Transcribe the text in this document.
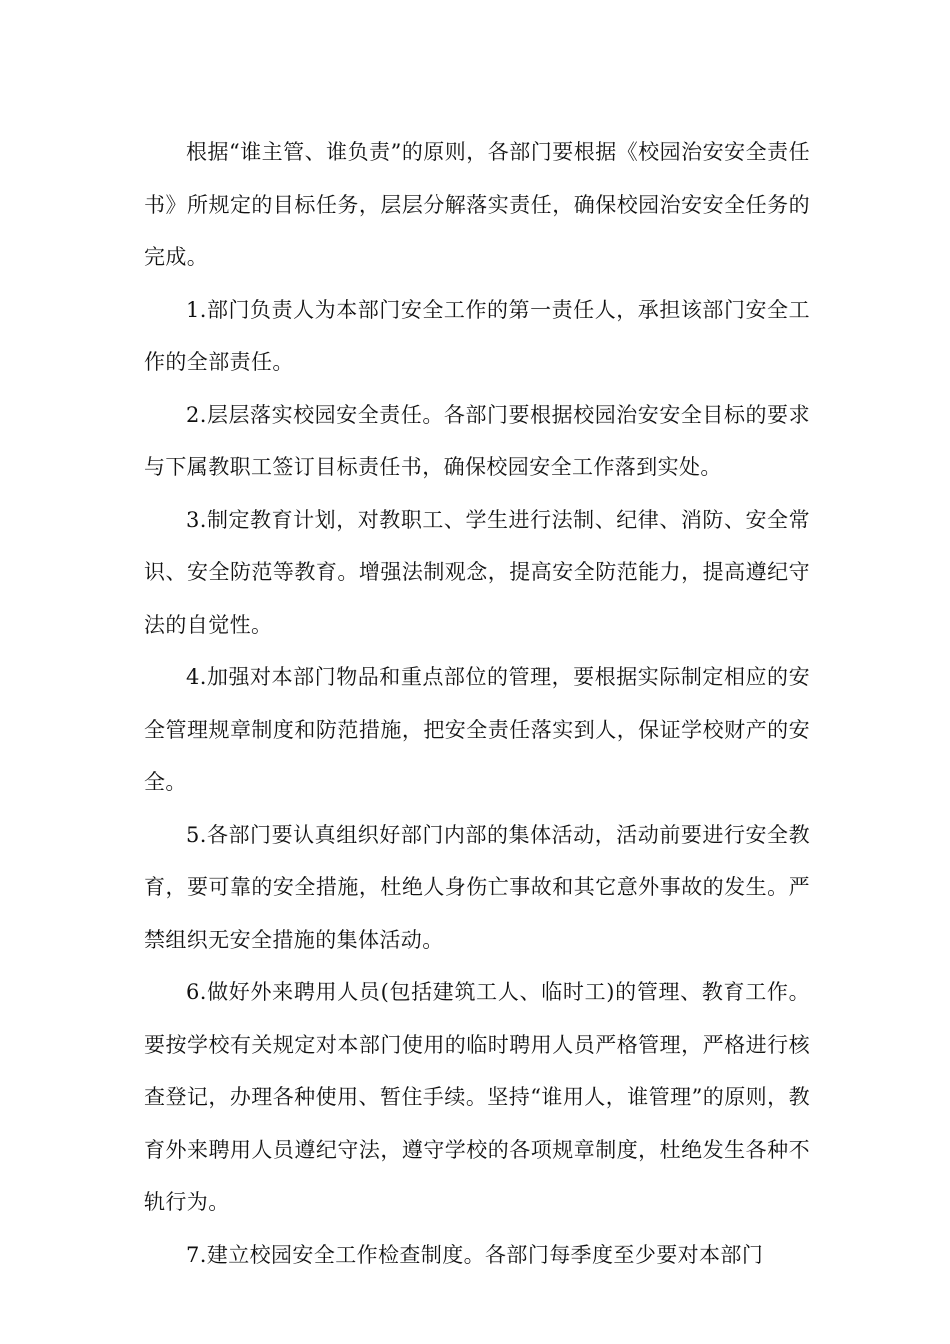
根据“谁主管、谁负责”的原则，各部门要根据《校园治安安全责任书》所规定的目标任务，层层分解落实责任，确保校园治安安全任务的完成。

1.部门负责人为本部门安全工作的第一责任人，承担该部门安全工作的全部责任。

2.层层落实校园安全责任。各部门要根据校园治安安全目标的要求与下属教职工签订目标责任书，确保校园安全工作落到实处。

3.制定教育计划，对教职工、学生进行法制、纪律、消防、安全常识、安全防范等教育。增强法制观念，提高安全防范能力，提高遵纪守法的自觉性。

4.加强对本部门物品和重点部位的管理，要根据实际制定相应的安全管理规章制度和防范措施，把安全责任落实到人，保证学校财产的安全。

5.各部门要认真组织好部门内部的集体活动，活动前要进行安全教育，要可靠的安全措施，杜绝人身伤亡事故和其它意外事故的发生。严禁组织无安全措施的集体活动。

6.做好外来聘用人员(包括建筑工人、临时工)的管理、教育工作。要按学校有关规定对本部门使用的临时聘用人员严格管理，严格进行核查登记，办理各种使用、暂住手续。坚持“谁用人，谁管理”的原则，教育外来聘用人员遵纪守法，遵守学校的各项规章制度，杜绝发生各种不轨行为。

7.建立校园安全工作检查制度。各部门每季度至少要对本部门
